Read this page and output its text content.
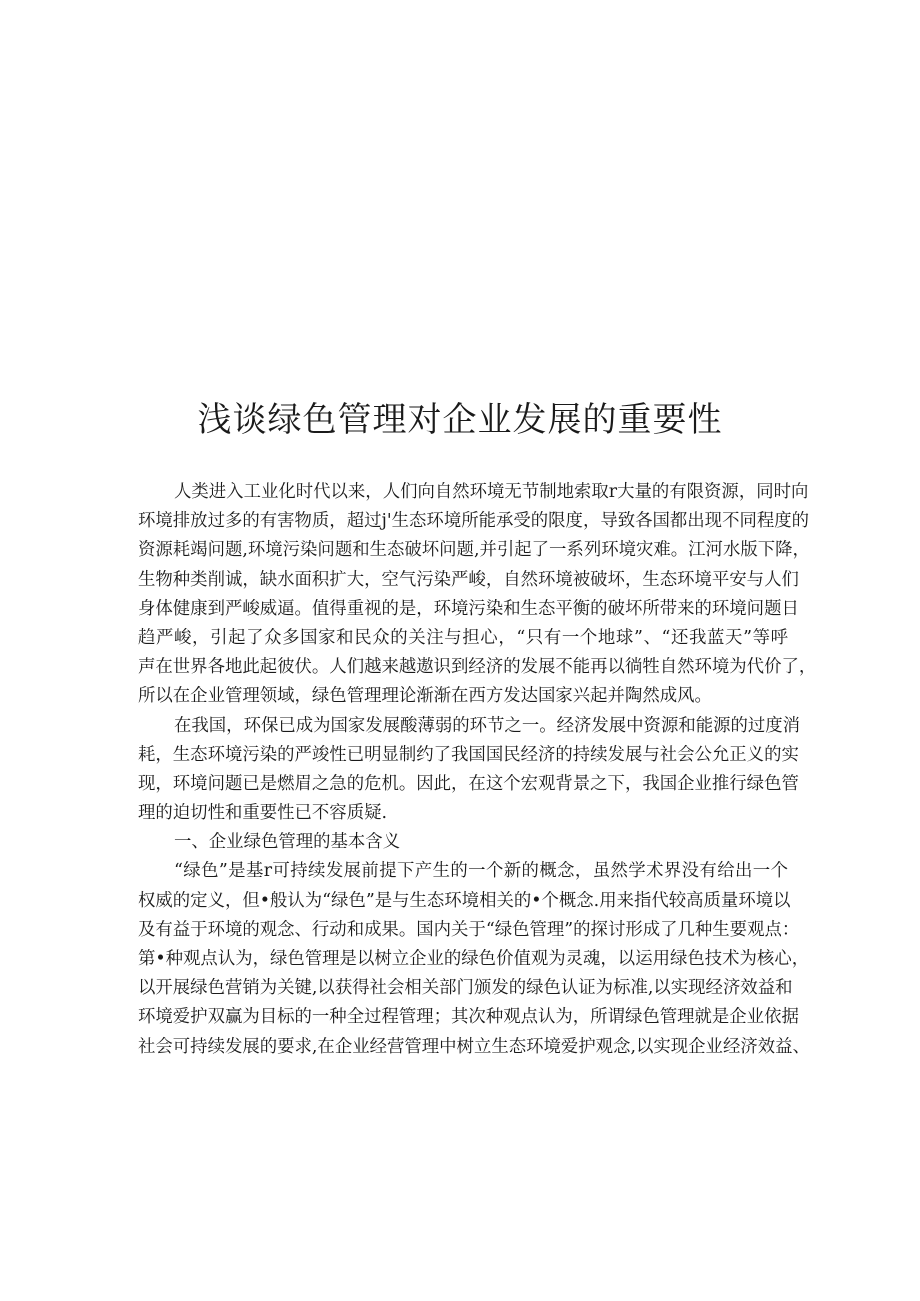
浅谈绿色管理对企业发展的重要性
人类进入工业化时代以来，人们向自然环境无节制地索取r大量的有限资源，同时向
环境排放过多的有害物质，超过j'生态环境所能承受的限度，导致各国都出现不同程度的
资源耗竭问题,环境污染问题和生态破坏问题,并引起了一系列环境灾难。江河水版下降，
生物种类削诚，缺水面积扩大，空气污染严峻，自然环境被破坏，生态环境平安与人们
身体健康到严峻威逼。值得重视的是，环境污染和生态平衡的破坏所带来的环境问题日
趋严峻，引起了众多国家和民众的关注与担心，“只有一个地球”、“还我蓝天”等呼
声在世界各地此起彼伏。人们越来越遨识到经济的发展不能再以徜牲自然环境为代价了，
所以在企业管理领域，绿色管理理论渐渐在西方发达国家兴起并陶然成风。
在我国，环保已成为国家发展酸薄弱的环节之一。经济发展中资源和能源的过度消
耗，生态环境污染的严竣性已明显制约了我国国民经济的持续发展与社会公允正义的实
现，环境问题已是燃眉之急的危机。因此，在这个宏观背景之下，我国企业推行绿色管
理的迫切性和重要性已不容质疑.
一、企业绿色管理的基本含义
“绿色”是基r可持续发展前提下产生的一个新的概念，虽然学术界没有给出一个
权威的定义，但•般认为“绿色”是与生态环境相关的•个概念.用来指代较高质量环境以
及有益于环境的观念、行动和成果。国内关于“绿色管理”的探讨形成了几种生要观点：
第•种观点认为，绿色管理是以树立企业的绿色价值观为灵魂，以运用绿色技术为核心，
以开展绿色营销为关键,以获得社会相关部门颁发的绿色认证为标准,以实现经济效益和
环境爱护双赢为目标的一种全过程管理；其次种观点认为，所谓绿色管理就是企业依据
社会可持续发展的要求,在企业经营管理中树立生态环境爱护观念,以实现企业经济效益、
